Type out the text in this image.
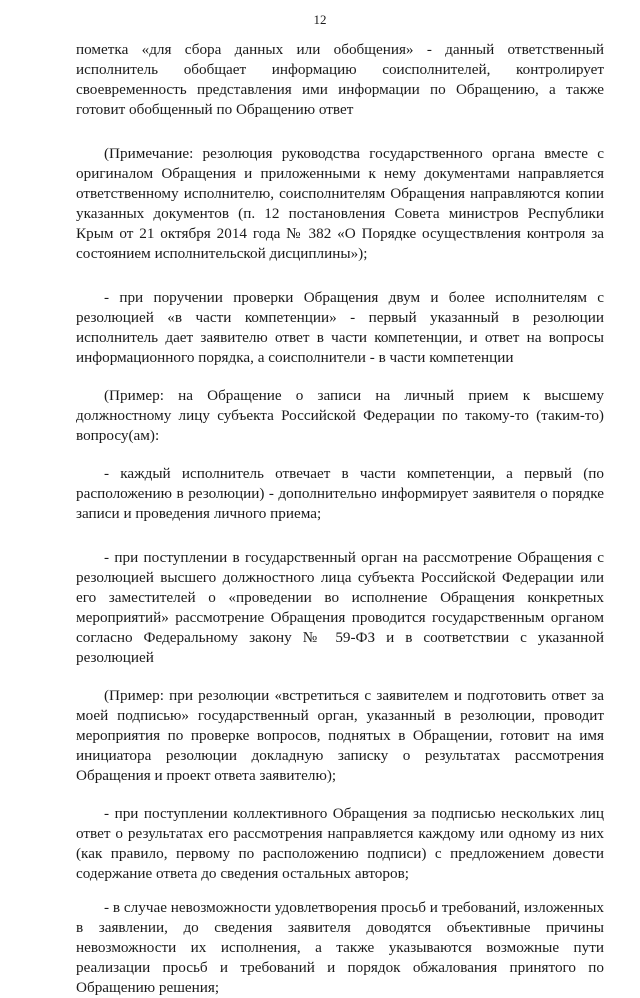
12

пометка «для сбора данных или обобщения» - данный ответственный исполнитель обобщает информацию соисполнителей, контролирует своевременность представления ими информации по Обращению, а также готовит обобщенный по Обращению ответ

(Примечание: резолюция руководства государственного органа вместе с оригиналом Обращения и приложенными к нему документами направляется ответственному исполнителю, соисполнителям Обращения направляются копии указанных документов (п. 12 постановления Совета министров Республики Крым от 21 октября 2014 года № 382 «О Порядке осуществления контроля за состоянием исполнительской дисциплины»);

- при поручении проверки Обращения двум и более исполнителям с резолюцией «в части компетенции» - первый указанный в резолюции исполнитель дает заявителю ответ в части компетенции, и ответ на вопросы информационного порядка, а соисполнители - в части компетенции

(Пример: на Обращение о записи на личный прием к высшему должностному лицу субъекта Российской Федерации по такому-то (таким-то) вопросу(ам):

- каждый исполнитель отвечает в части компетенции, а первый (по расположению в резолюции) - дополнительно информирует заявителя о порядке записи и проведения личного приема;

- при поступлении в государственный орган на рассмотрение Обращения с резолюцией высшего должностного лица субъекта Российской Федерации или его заместителей о «проведении во исполнение Обращения конкретных мероприятий» рассмотрение Обращения проводится государственным органом согласно Федеральному закону № 59-ФЗ и в соответствии с указанной резолюцией

(Пример: при резолюции «встретиться с заявителем и подготовить ответ за моей подписью» государственный орган, указанный в резолюции, проводит мероприятия по проверке вопросов, поднятых в Обращении, готовит на имя инициатора резолюции докладную записку о результатах рассмотрения Обращения и проект ответа заявителю);

- при поступлении коллективного Обращения за подписью нескольких лиц ответ о результатах его рассмотрения направляется каждому или одному из них (как правило, первому по расположению подписи) с предложением довести содержание ответа до сведения остальных авторов;

- в случае невозможности удовлетворения просьб и требований, изложенных в заявлении, до сведения заявителя доводятся объективные причины невозможности их исполнения, а также указываются возможные пути реализации просьб и требований и порядок обжалования принятого по Обращению решения;
